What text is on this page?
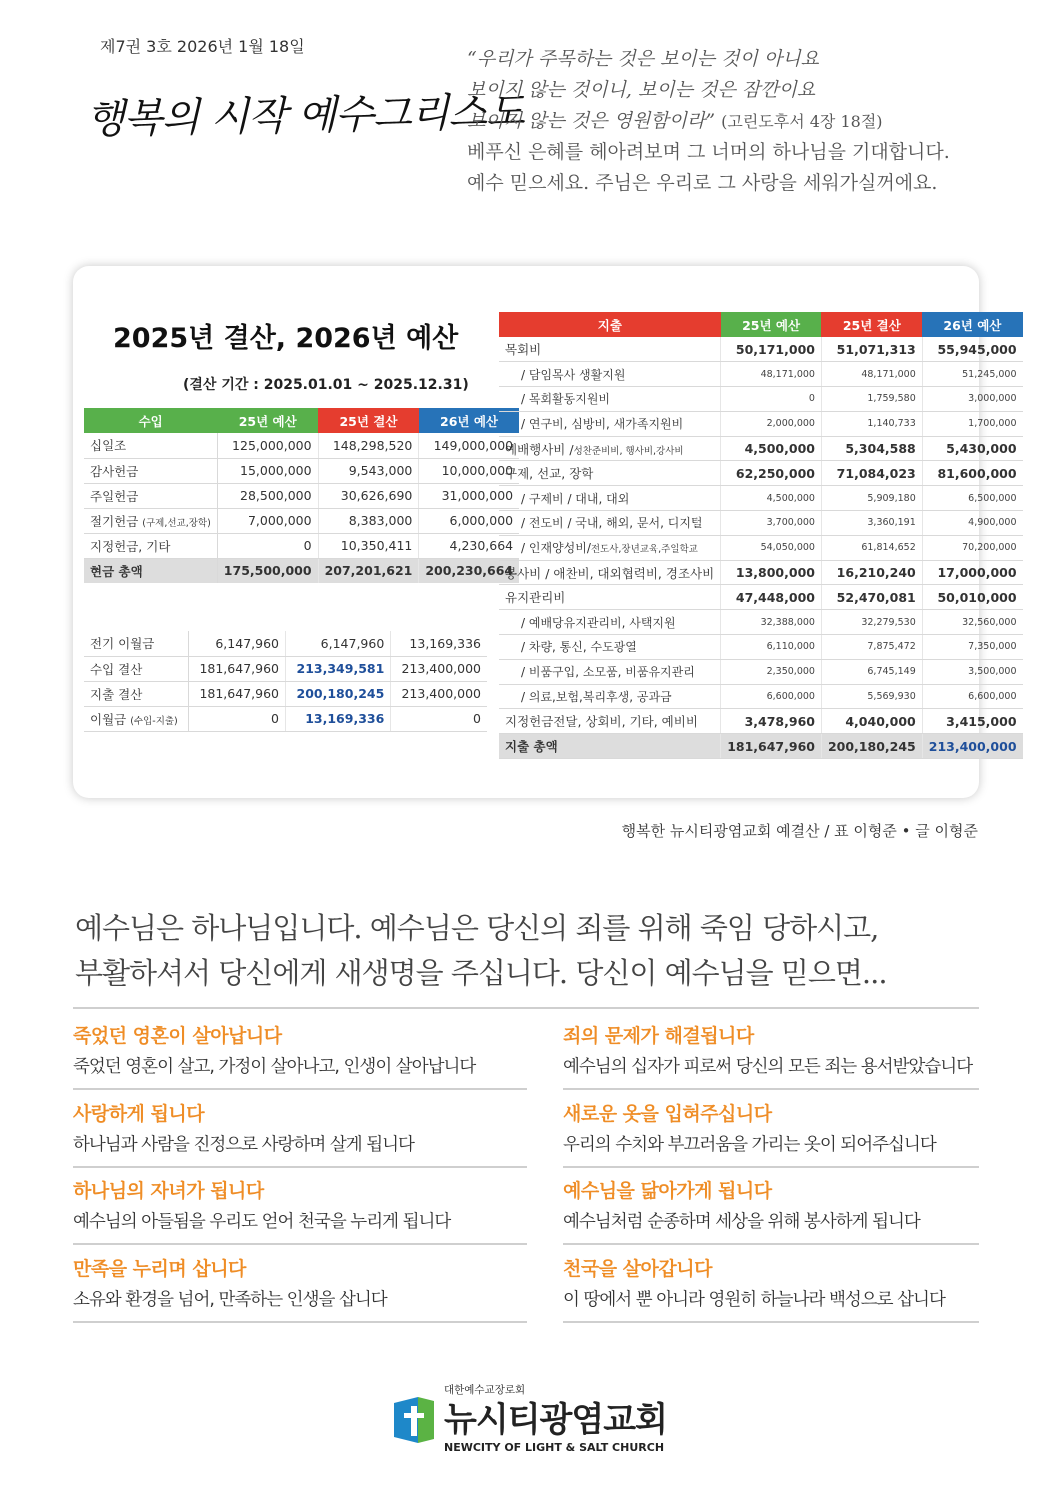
제7권 3호 2026년 1월 18일
행복의 시작 예수그리스도
“우리가 주목하는 것은 보이는 것이 아니요
보이지 않는 것이니, 보이는 것은 잠깐이요
보이지 않는 것은 영원함이라” (고린도후서 4장 18절)
베푸신 은혜를 헤아려보며 그 너머의 하나님을 기대합니다.
예수 믿으세요. 주님은 우리로 그 사랑을 세워가실꺼에요.
2025년 결산, 2026년 예산
(결산 기간 : 2025.01.01 ~ 2025.12.31)
수입	25년 예산	25년 결산	26년 예산
십일조	125,000,000	148,298,520	149,000,000
감사헌금	15,000,000	9,543,000	10,000,000
주일헌금	28,500,000	30,626,690	31,000,000
절기헌금 (구제,선교,장학)	7,000,000	8,383,000	6,000,000
지정헌금, 기타	0	10,350,411	4,230,664
현금 총액	175,500,000	207,201,621	200,230,664
전기 이월금	6,147,960	6,147,960	13,169,336
수입 결산	181,647,960	213,349,581	213,400,000
지출 결산	181,647,960	200,180,245	213,400,000
이월금 (수입-지출)	0	13,169,336	0
지출	25년 예산	25년 결산	26년 예산
목회비	50,171,000	51,071,313	55,945,000
/ 담임목사 생활지원	48,171,000	48,171,000	51,245,000
/ 목회활동지원비	0	1,759,580	3,000,000
/ 연구비, 심방비, 새가족지원비	2,000,000	1,140,733	1,700,000
예배행사비 /성찬준비비, 행사비,강사비	4,500,000	5,304,588	5,430,000
구제, 선교, 장학	62,250,000	71,084,023	81,600,000
/ 구제비 / 대내, 대외	4,500,000	5,909,180	6,500,000
/ 전도비 / 국내, 해외, 문서, 디지털	3,700,000	3,360,191	4,900,000
/ 인재양성비/전도사,장년교육,주일학교	54,050,000	61,814,652	70,200,000
봉사비 / 애찬비, 대외협력비, 경조사비	13,800,000	16,210,240	17,000,000
유지관리비	47,448,000	52,470,081	50,010,000
/ 예배당유지관리비, 사택지원	32,388,000	32,279,530	32,560,000
/ 차량, 통신, 수도광열	6,110,000	7,875,472	7,350,000
/ 비품구입, 소모품, 비품유지관리	2,350,000	6,745,149	3,500,000
/ 의료,보험,복리후생, 공과금	6,600,000	5,569,930	6,600,000
지정헌금전달, 상회비, 기타, 예비비	3,478,960	4,040,000	3,415,000
지출 총액	181,647,960	200,180,245	213,400,000
행복한 뉴시티광염교회 예결산 / 표 이형준 • 글 이형준
예수님은 하나님입니다. 예수님은 당신의 죄를 위해 죽임 당하시고,
부활하셔서 당신에게 새생명을 주십니다. 당신이 예수님을 믿으면...
죽었던 영혼이 살아납니다
죽었던 영혼이 살고, 가정이 살아나고, 인생이 살아납니다
죄의 문제가 해결됩니다
예수님의 십자가 피로써 당신의 모든 죄는 용서받았습니다
사랑하게 됩니다
하나님과 사람을 진정으로 사랑하며 살게 됩니다
새로운 옷을 입혀주십니다
우리의 수치와 부끄러움을 가리는 옷이 되어주십니다
하나님의 자녀가 됩니다
예수님의 아들됨을 우리도 얻어 천국을 누리게 됩니다
예수님을 닮아가게 됩니다
예수님처럼 순종하며 세상을 위해 봉사하게 됩니다
만족을 누리며 삽니다
소유와 환경을 넘어, 만족하는 인생을 삽니다
천국을 살아갑니다
이 땅에서 뿐 아니라 영원히 하늘나라 백성으로 삽니다
대한예수교장로회
뉴시티광염교회
NEWCITY OF LIGHT & SALT CHURCH
